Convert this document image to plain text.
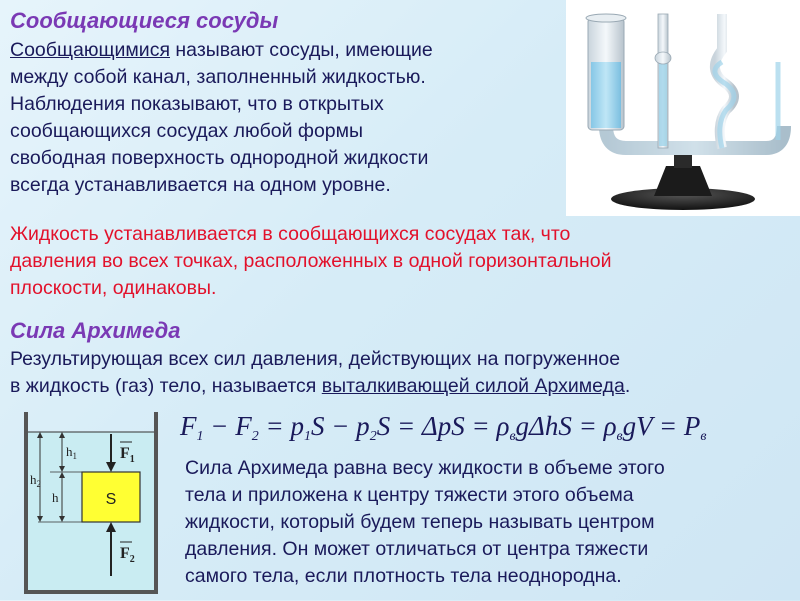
Сообщающиеся сосуды
Сообщающимися называют сосуды, имеющие
между собой канал, заполненный жидкостью.
Наблюдения показывают, что в открытых
сообщающихся сосудах любой формы
свободная поверхность однородной жидкости
всегда устанавливается на одном уровне.
Жидкость устанавливается в сообщающихся сосудах так, что
давления во всех точках, расположенных в одной горизонтальной
плоскости, одинаковы.
Сила Архимеда
Результирующая всех сил давления, действующих на погруженное
в жидкость (газ) тело, называется выталкивающей силой Архимеда.
S
$h_2$
$h_1$
h
$F_1$
$F_2$
$F_1 - F_2 = p_1S - p_2S = \Delta pS = \rho_вg\Delta hS = \rho_вgV = P_в$
Сила Архимеда равна весу жидкости в объеме этого
тела и приложена к центру тяжести этого объема
жидкости, который будем теперь называть центром
давления. Он может отличаться от центра тяжести
самого тела, если плотность тела неоднородна.
